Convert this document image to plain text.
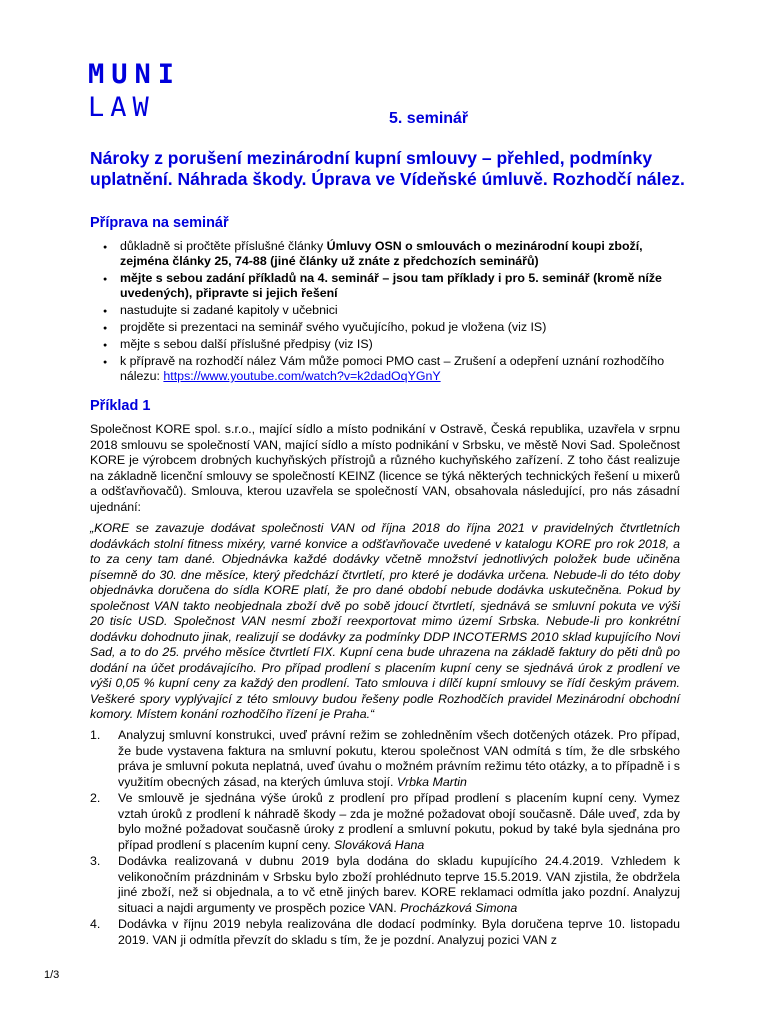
MUNI
LAW	5. seminář
Nároky z porušení mezinárodní kupní smlouvy – přehled, podmínky uplatnění. Náhrada škody. Úprava ve Vídeňské úmluvě. Rozhodčí nález.
Příprava na seminář
● důkladně si pročtěte příslušné články Úmluvy OSN o smlouvách o mezinárodní koupi zboží, zejména články 25, 74-88 (jiné články už znáte z předchozích seminářů)
● mějte s sebou zadání příkladů na 4. seminář – jsou tam příklady i pro 5. seminář (kromě níže uvedených), připravte si jejich řešení
● nastudujte si zadané kapitoly v učebnici
● projděte si prezentaci na seminář svého vyučujícího, pokud je vložena (viz IS)
● mějte s sebou další příslušné předpisy (viz IS)
● k přípravě na rozhodčí nález Vám může pomoci PMO cast – Zrušení a odepření uznání rozhodčího nálezu: https://www.youtube.com/watch?v=k2dadOqYGnY
Příklad 1
Společnost KORE spol. s.r.o., mající sídlo a místo podnikání v Ostravě, Česká republika, uzavřela v srpnu 2018 smlouvu se společností VAN, mající sídlo a místo podnikání v Srbsku, ve městě Novi Sad. Společnost KORE je výrobcem drobných kuchyňských přístrojů a různého kuchyňského zařízení. Z toho část realizuje na základně licenční smlouvy se společností KEINZ (licence se týká některých technických řešení u mixerů a odšťavňovačů). Smlouva, kterou uzavřela se společností VAN, obsahovala následující, pro nás zásadní ujednání:
„KORE se zavazuje dodávat společnosti VAN od října 2018 do října 2021 v pravidelných čtvrtletních dodávkách stolní fitness mixéry, varné konvice a odšťavňovače uvedené v katalogu KORE pro rok 2018, a to za ceny tam dané. Objednávka každé dodávky včetně množství jednotlivých položek bude učiněna písemně do 30. dne měsíce, který předchází čtvrtletí, pro které je dodávka určena. Nebude-li do této doby objednávka doručena do sídla KORE platí, že pro dané období nebude dodávka uskutečněna. Pokud by společnost VAN takto neobjednala zboží dvě po sobě jdoucí čtvrtletí, sjednává se smluvní pokuta ve výši 20 tisíc USD. Společnost VAN nesmí zboží reexportovat mimo území Srbska. Nebude-li pro konkrétní dodávku dohodnuto jinak, realizují se dodávky za podmínky DDP INCOTERMS 2010 sklad kupujícího Novi Sad, a to do 25. prvého měsíce čtvrtletí FIX. Kupní cena bude uhrazena na základě faktury do pěti dnů po dodání na účet prodávajícího. Pro případ prodlení s placením kupní ceny se sjednává úrok z prodlení ve výši 0,05 % kupní ceny za každý den prodlení. Tato smlouva i dílčí kupní smlouvy se řídí českým právem. Veškeré spory vyplývající z této smlouvy budou řešeny podle Rozhodčích pravidel Mezinárodní obchodní komory. Místem konání rozhodčího řízení je Praha.“
1. Analyzuj smluvní konstrukci, uveď právní režim se zohledněním všech dotčených otázek. Pro případ, že bude vystavena faktura na smluvní pokutu, kterou společnost VAN odmítá s tím, že dle srbského práva je smluvní pokuta neplatná, uveď úvahu o možném právním režimu této otázky, a to případně i s využitím obecných zásad, na kterých úmluva stojí. Vrbka Martin
2. Ve smlouvě je sjednána výše úroků z prodlení pro případ prodlení s placením kupní ceny. Vymez vztah úroků z prodlení k náhradě škody – zda je možné požadovat obojí současně. Dále uveď, zda by bylo možné požadovat současně úroky z prodlení a smluvní pokutu, pokud by také byla sjednána pro případ prodlení s placením kupní ceny. Slováková Hana
3. Dodávka realizovaná v dubnu 2019 byla dodána do skladu kupujícího 24.4.2019. Vzhledem k velikonočním prázdninám v Srbsku bylo zboží prohlédnuto teprve 15.5.2019. VAN zjistila, že obdržela jiné zboží, než si objednala, a to vč etně jiných barev. KORE reklamaci odmítla jako pozdní. Analyzuj situaci a najdi argumenty ve prospěch pozice VAN. Procházková Simona
4. Dodávka v říjnu 2019 nebyla realizována dle dodací podmínky. Byla doručena teprve 10. listopadu 2019. VAN ji odmítla převzít do skladu s tím, že je pozdní. Analyzuj pozici VAN z
1/3
